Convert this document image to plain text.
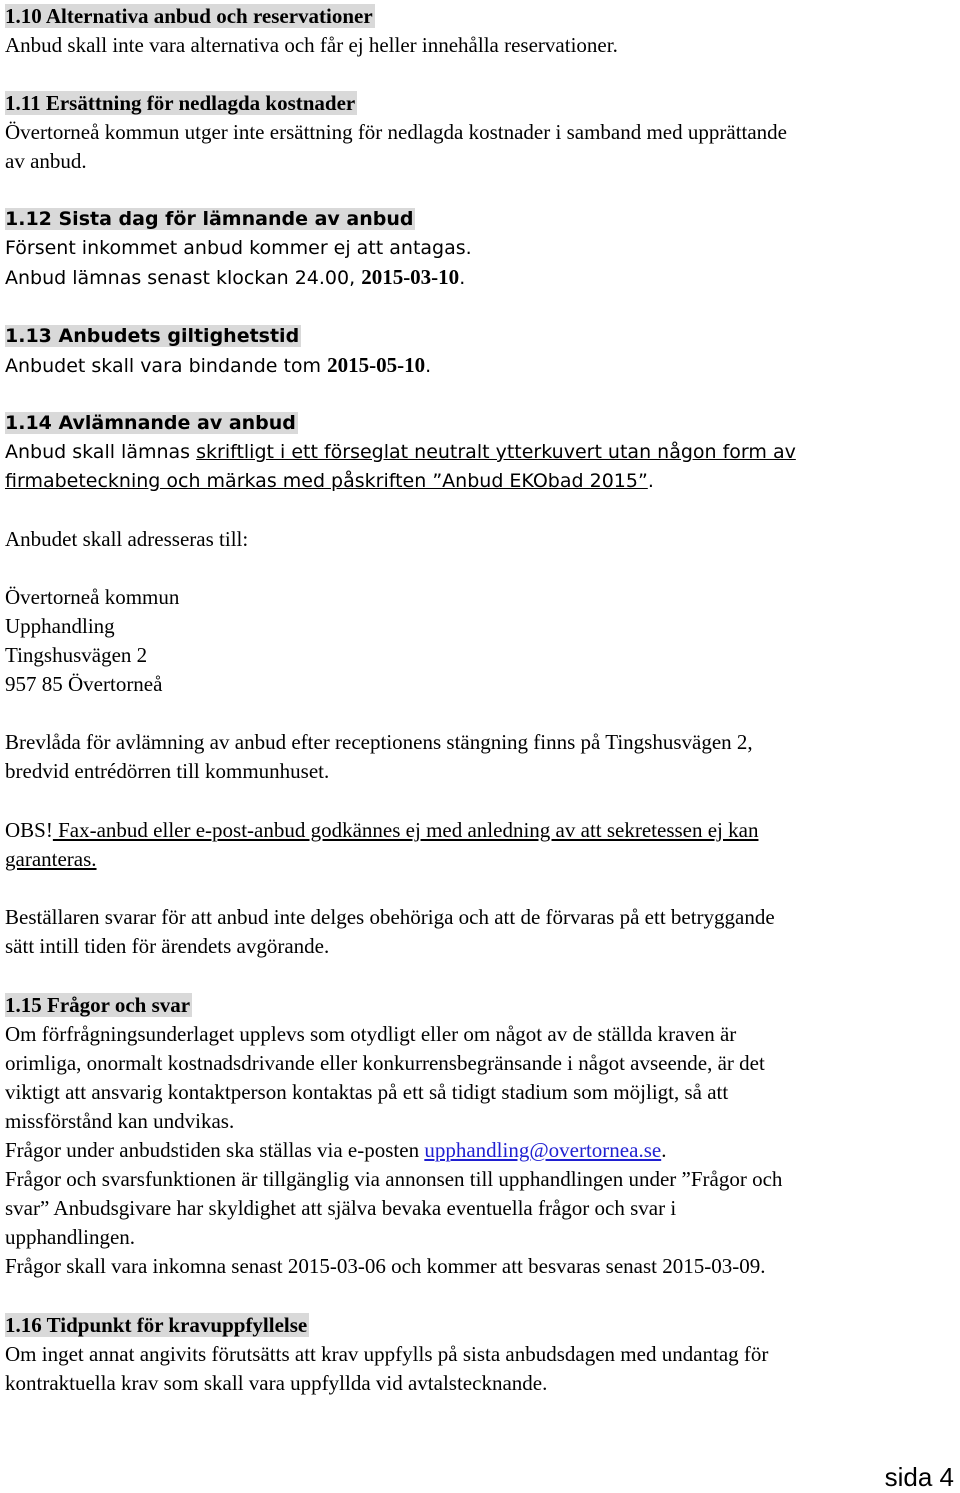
1.10 Alternativa anbud och reservationer
Anbud skall inte vara alternativa och får ej heller innehålla reservationer.
1.11 Ersättning för nedlagda kostnader
Övertorneå kommun utger inte ersättning för nedlagda kostnader i samband med upprättande
av anbud.
1.12 Sista dag för lämnande av anbud
Försent inkommet anbud kommer ej att antagas.
Anbud lämnas senast klockan 24.00, 2015-03-10.
1.13 Anbudets giltighetstid
Anbudet skall vara bindande tom 2015-05-10.
1.14 Avlämnande av anbud
Anbud skall lämnas skriftligt i ett förseglat neutralt ytterkuvert utan någon form av
firmabeteckning och märkas med påskriften ”Anbud EKObad 2015”.
Anbudet skall adresseras till:
Övertorneå kommun
Upphandling
Tingshusvägen 2
957 85 Övertorneå
Brevlåda för avlämning av anbud efter receptionens stängning finns på Tingshusvägen 2,
bredvid entrédörren till kommunhuset.
OBS! Fax-anbud eller e-post-anbud godkännes ej med anledning av att sekretessen ej kan
garanteras.
Beställaren svarar för att anbud inte delges obehöriga och att de förvaras på ett betryggande
sätt intill tiden för ärendets avgörande.
1.15 Frågor och svar
Om förfrågningsunderlaget upplevs som otydligt eller om något av de ställda kraven är
orimliga, onormalt kostnadsdrivande eller konkurrensbegränsande i något avseende, är det
viktigt att ansvarig kontaktperson kontaktas på ett så tidigt stadium som möjligt, så att
missförstånd kan undvikas.
Frågor under anbudstiden ska ställas via e-posten upphandling@overtornea.se.
Frågor och svarsfunktionen är tillgänglig via annonsen till upphandlingen under ”Frågor och
svar” Anbudsgivare har skyldighet att själva bevaka eventuella frågor och svar i
upphandlingen.
Frågor skall vara inkomna senast 2015-03-06 och kommer att besvaras senast 2015-03-09.
1.16 Tidpunkt för kravuppfyllelse
Om inget annat angivits förutsätts att krav uppfylls på sista anbudsdagen med undantag för
kontraktuella krav som skall vara uppfyllda vid avtalstecknande.
sida 4
